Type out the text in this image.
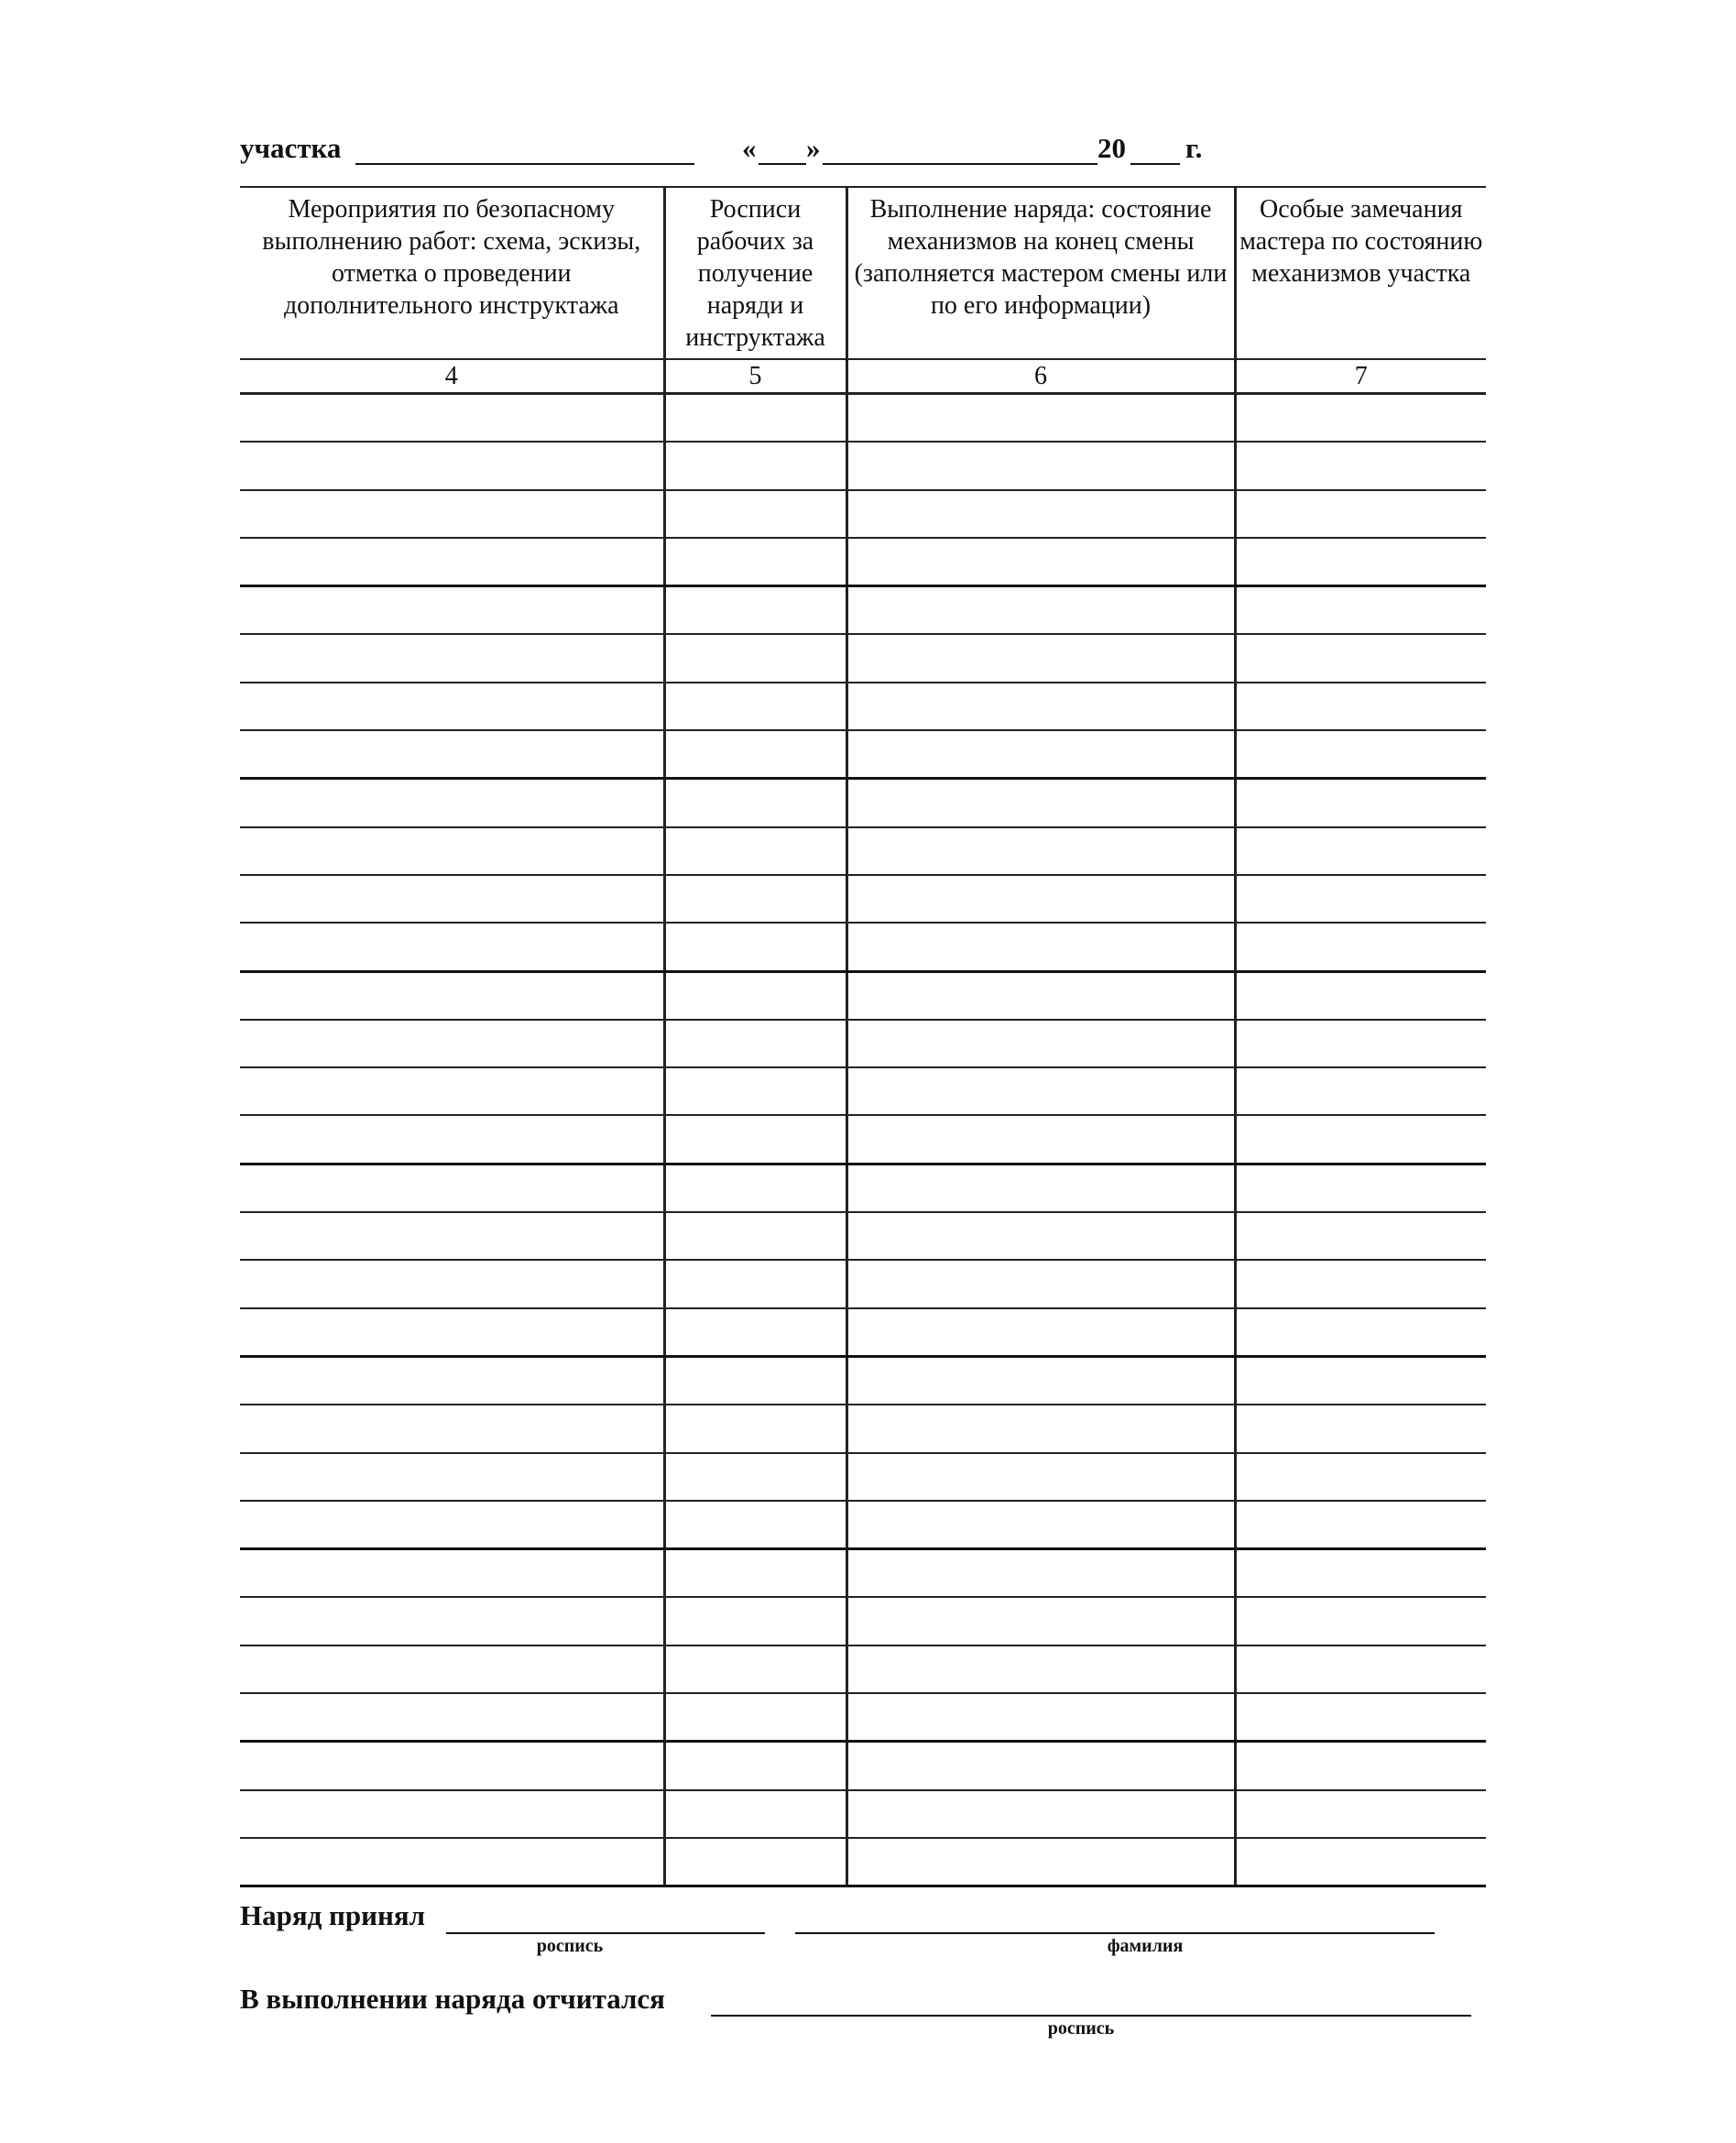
участка	« »	20 г.
Мероприятия по безопасному выполнению работ: схема, эскизы, отметка о проведении дополнительного инструктажа	Росписи рабочих за получение наряди и инструктажа	Выполнение наряда: состояние механизмов на конец смены (заполняется мастером смены или по его информации)	Особые замечания мастера по состоянию механизмов участка
4	5	6	7

Наряд принял
роспись	фамилия
В выполнении наряда отчитался
роспись
